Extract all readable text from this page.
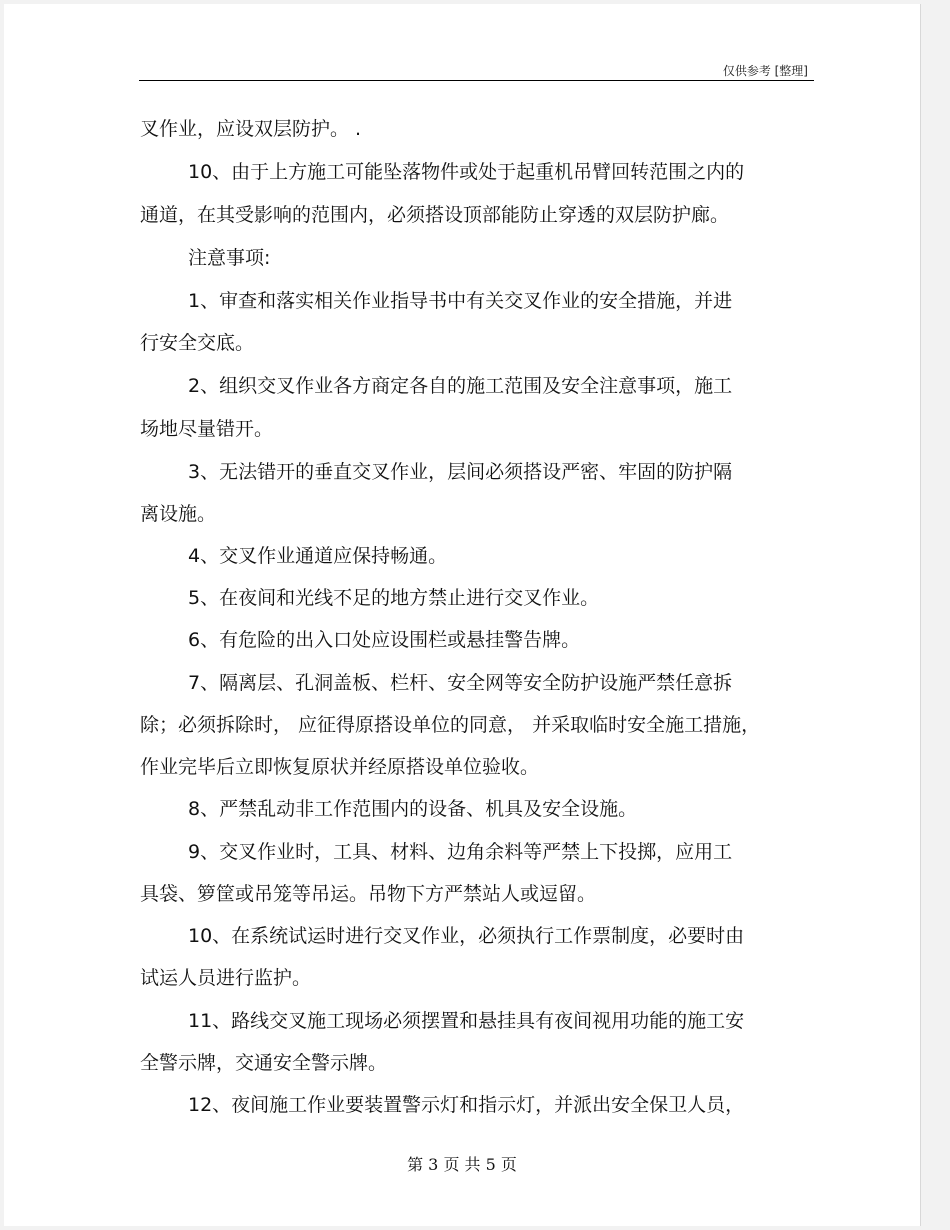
仅供参考 [整理]
叉作业，应设双层防护。 .
10、由于上方施工可能坠落物件或处于起重机吊臂回转范围之内的
通道，在其受影响的范围内，必须搭设顶部能防止穿透的双层防护廊。
注意事项:
1、审查和落实相关作业指导书中有关交叉作业的安全措施，并进
行安全交底。
2、组织交叉作业各方商定各自的施工范围及安全注意事项，施工
场地尽量错开。
3、无法错开的垂直交叉作业，层间必须搭设严密、牢固的防护隔
离设施。
4、交叉作业通道应保持畅通。
5、在夜间和光线不足的地方禁止进行交叉作业。
6、有危险的出入口处应设围栏或悬挂警告牌。
7、隔离层、孔洞盖板、栏杆、安全网等安全防护设施严禁任意拆
除；必须拆除时， 应征得原搭设单位的同意， 并采取临时安全施工措施，
作业完毕后立即恢复原状并经原搭设单位验收。
8、严禁乱动非工作范围内的设备、机具及安全设施。
9、交叉作业时，工具、材料、边角余料等严禁上下投掷，应用工
具袋、箩筐或吊笼等吊运。吊物下方严禁站人或逗留。
10、在系统试运时进行交叉作业，必须执行工作票制度，必要时由
试运人员进行监护。
11、路线交叉施工现场必须摆置和悬挂具有夜间视用功能的施工安
全警示牌，交通安全警示牌。
12、夜间施工作业要装置警示灯和指示灯，并派出安全保卫人员，
第 3 页 共 5 页
